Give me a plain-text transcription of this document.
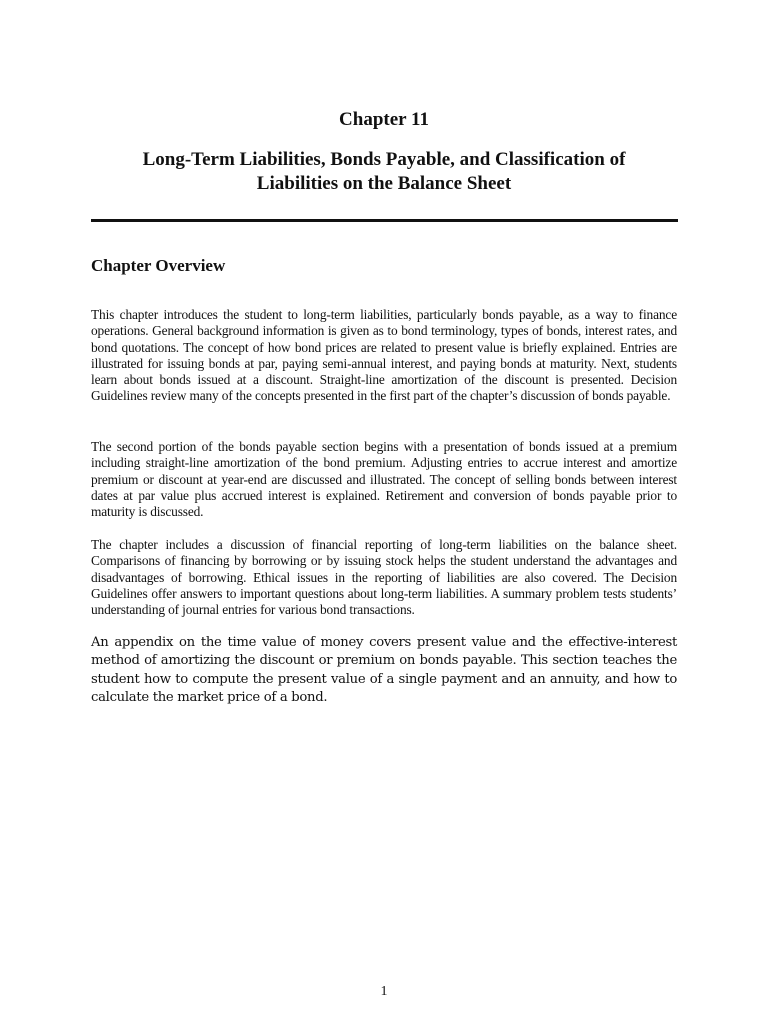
Chapter 11
Long-Term Liabilities, Bonds Payable, and Classification of Liabilities on the Balance Sheet
Chapter Overview

This chapter introduces the student to long-term liabilities, particularly bonds payable, as a way to finance operations. General background information is given as to bond terminology, types of bonds, interest rates, and bond quotations. The concept of how bond prices are related to present value is briefly explained. Entries are illustrated for issuing bonds at par, paying semi-annual interest, and paying bonds at maturity. Next, students learn about bonds issued at a discount. Straight-line amortization of the discount is presented. Decision Guidelines review many of the concepts presented in the first part of the chapter’s discussion of bonds payable.

The second portion of the bonds payable section begins with a presentation of bonds issued at a premium including straight-line amortization of the bond premium. Adjusting entries to accrue interest and amortize premium or discount at year-end are discussed and illustrated. The concept of selling bonds between interest dates at par value plus accrued interest is explained. Retirement and conversion of bonds payable prior to maturity is discussed.

The chapter includes a discussion of financial reporting of long-term liabilities on the balance sheet. Comparisons of financing by borrowing or by issuing stock helps the student understand the advantages and disadvantages of borrowing. Ethical issues in the reporting of liabilities are also covered. The Decision Guidelines offer answers to important questions about long-term liabilities. A summary problem tests students’ understanding of journal entries for various bond transactions.

An appendix on the time value of money covers present value and the effective-interest method of amortizing the discount or premium on bonds payable. This section teaches the student how to compute the present value of a single payment and an annuity, and how to calculate the market price of a bond.

1
